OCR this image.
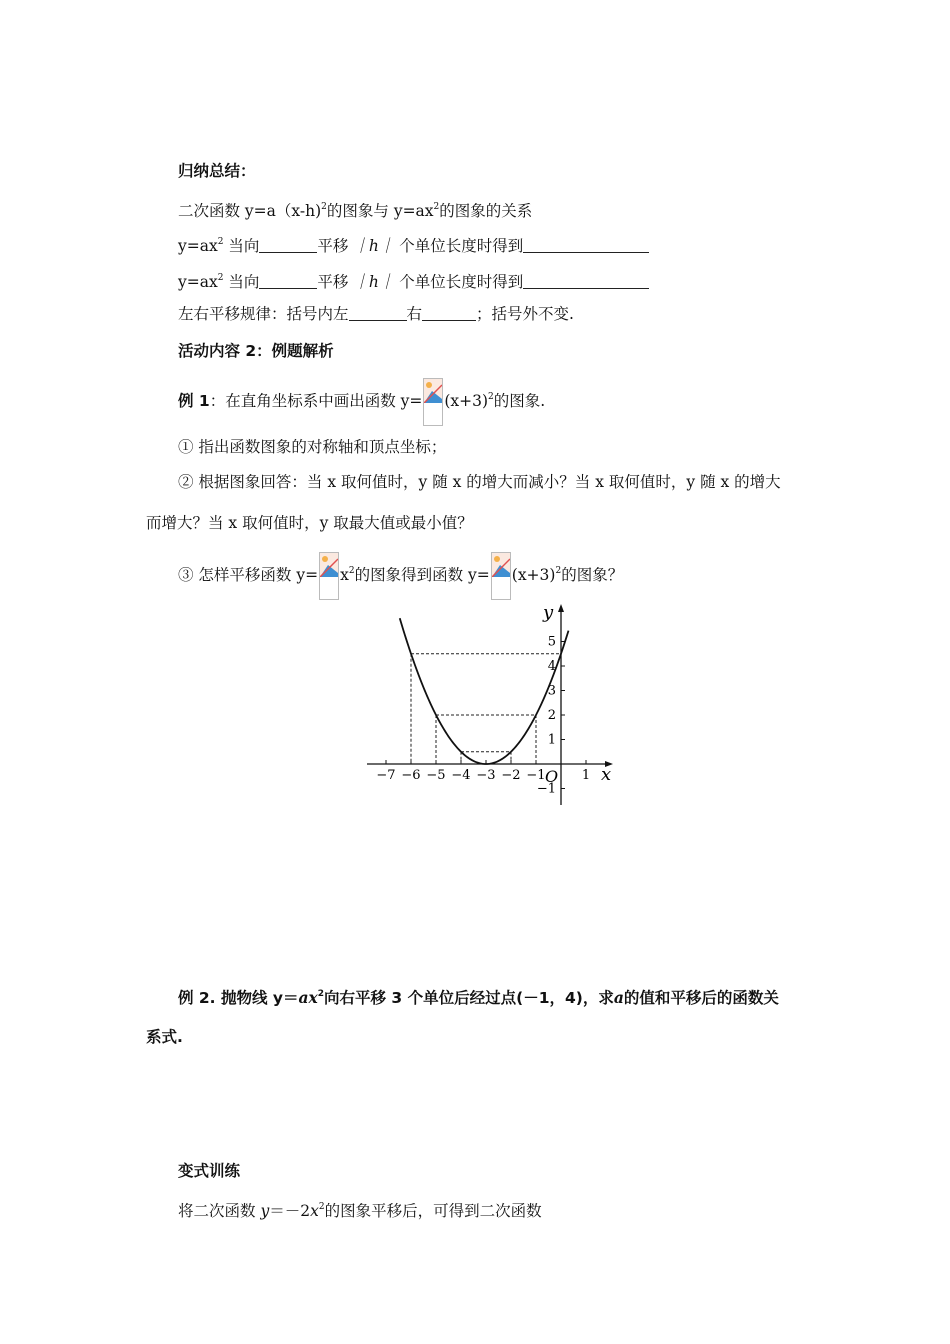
归纳总结：
二次函数 y=a（x-h)$^2$的图象与 $y=ax^2$的图象的关系
$y=ax^2$ 当向	平移 ｜h｜ 个单位长度时得到
$y=ax^2$ 当向	平移 ｜h｜ 个单位长度时得到
左右平移规律：括号内左	右	；括号外不变.
活动内容 2：例题解析
例 1：在直角坐标系中画出函数 $y= (x+3)^2$的图象.
① 指出函数图象的对称轴和顶点坐标；
② 根据图象回答：当 x 取何值时，y 随 x 的增大而减小？当 x 取何值时，y 随 x 的增大
而增大？当 x 取何值时，y 取最大值或最小值？
③ 怎样平移函数 $y= x^2$的图象得到函数 $y= (x+3)^2$的图象？
x
y
O
−7 −6 −5 −4 −3 −2 −1	1
5
4
3
2
1
−1
例 2. 抛物线 $y=ax^2$向右平移 3 个单位后经过点(－1，4)，求a的值和平移后的函数关
系式.
变式训练
将二次函数 $y=-2x^2$的图象平移后，可得到二次函数
